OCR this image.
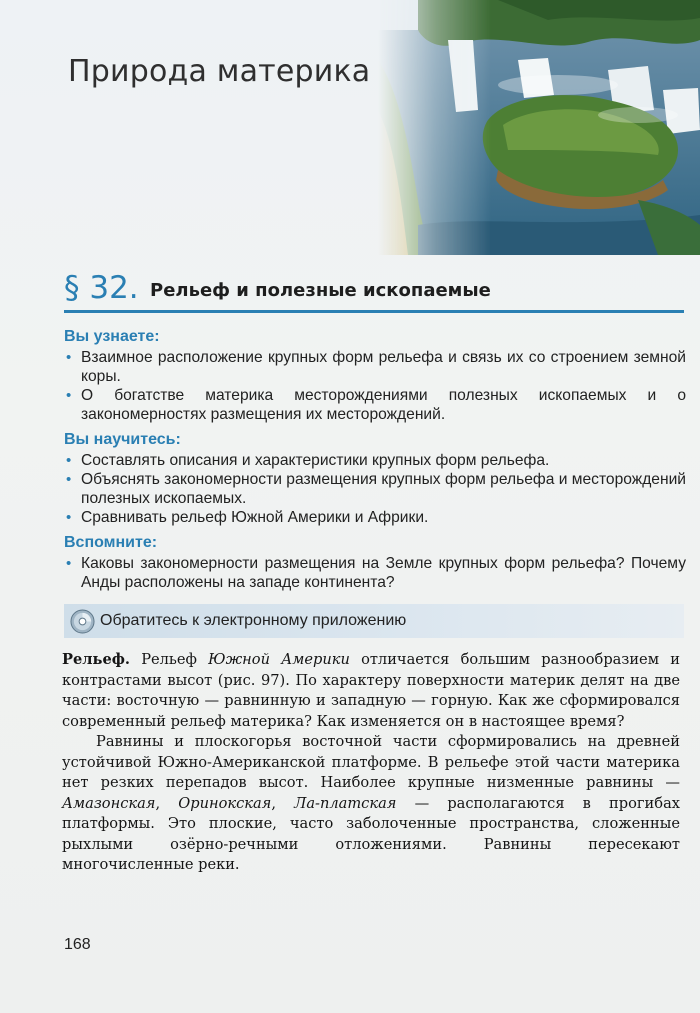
Природа материка
§ 32. Рельеф и полезные ископаемые
Вы узнаете:
• Взаимное расположение крупных форм рельефа и связь их со строением земной коры.
• О богатстве материка месторождениями полезных ископаемых и о закономерностях размещения их месторождений.
Вы научитесь:
• Составлять описания и характеристики крупных форм рельефа.
• Объяснять закономерности размещения крупных форм рельефа и месторождений полезных ископаемых.
• Сравнивать рельеф Южной Америки и Африки.
Вспомните:
• Каковы закономерности размещения на Земле крупных форм рельефа? Почему Анды расположены на западе континента?
Обратитесь к электронному приложению

Рельеф. Рельеф Южной Америки отличается большим разнообразием и контрастами высот (рис. 97). По характеру поверхности материк делят на две части: восточную — равнинную и западную — горную. Как же сформировался современный рельеф материка? Как изменяется он в настоящее время?

Равнины и плоскогорья восточной части сформировались на древней устойчивой Южно-Американской платформе. В рельефе этой части материка нет резких перепадов высот. Наиболее крупные низменные равнины — Амазонская, Оринокская, Ла-платская — располагаются в прогибах платформы. Это плоские, часто заболоченные пространства, сложенные рыхлыми озёрно-речными отложениями. Равнины пересекают многочисленные реки.

168
